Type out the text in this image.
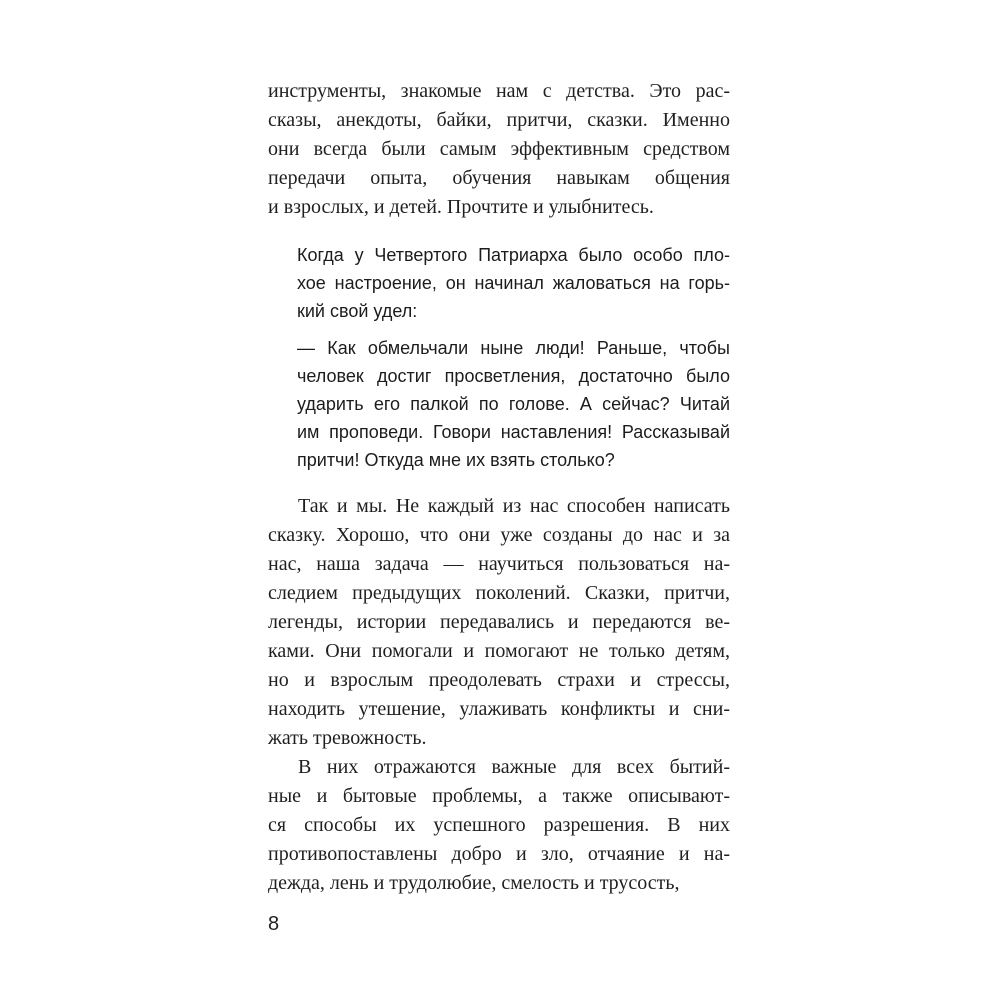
инструменты, знакомые нам с детства. Это рас-
сказы, анекдоты, байки, притчи, сказки. Именно
они всегда были самым эффективным средством
передачи опыта, обучения навыкам общения
и взрослых, и детей. Прочтите и улыбнитесь.
Когда у Четвертого Патриарха было особо пло-
хое настроение, он начинал жаловаться на горь-
кий свой удел:
— Как обмельчали ныне люди! Раньше, чтобы
человек достиг просветления, достаточно было
ударить его палкой по голове. А сейчас? Читай
им проповеди. Говори наставления! Рассказывай
притчи! Откуда мне их взять столько?
Так и мы. Не каждый из нас способен написать
сказку. Хорошо, что они уже созданы до нас и за
нас, наша задача — научиться пользоваться на-
следием предыдущих поколений. Сказки, притчи,
легенды, истории передавались и передаются ве-
ками. Они помогали и помогают не только детям,
но и взрослым преодолевать страхи и стрессы,
находить утешение, улаживать конфликты и сни-
жать тревожность.
В них отражаются важные для всех бытий-
ные и бытовые проблемы, а также описывают-
ся способы их успешного разрешения. В них
противопоставлены добро и зло, отчаяние и на-
дежда, лень и трудолюбие, смелость и трусость,
8
